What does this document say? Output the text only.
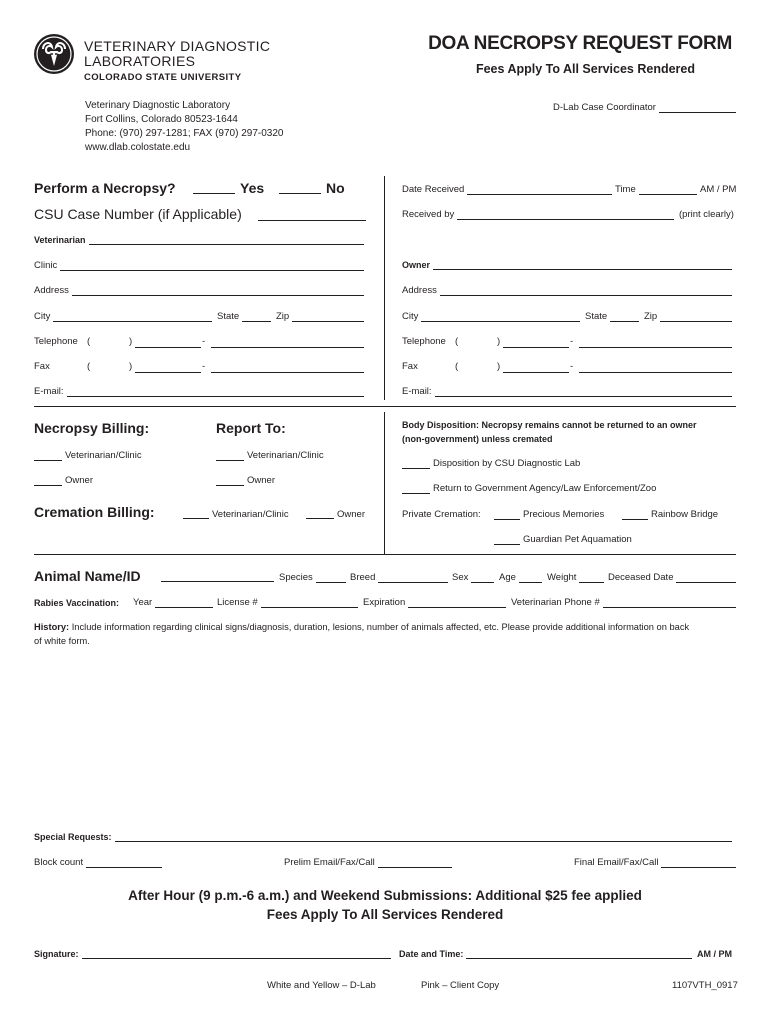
VETERINARY DIAGNOSTIC
LABORATORIES
COLORADO STATE UNIVERSITY
DOA NECROPSY REQUEST FORM
Fees Apply To All Services Rendered
Veterinary Diagnostic Laboratory
Fort Collins, Colorado 80523-1644
Phone: (970) 297-1281; FAX (970) 297-0320
www.dlab.colostate.edu
D-Lab Case Coordinator
Perform a Necropsy?	Yes	No
CSU Case Number (if Applicable)
Date Received	Time	AM / PM
Received by	(print clearly)
Veterinarian
Clinic
Address
City	State	Zip
Telephone (	)	-
Fax	(	)	-
E-mail:
Owner
Address
City	State	Zip
Telephone (	)	-
Fax	(	)	-
E-mail:
Necropsy Billing:	Report To:
Veterinarian/Clinic	Veterinarian/Clinic
Owner	Owner
Cremation Billing:	Veterinarian/Clinic	Owner
Body Disposition: Necropsy remains cannot be returned to an owner
(non-government) unless cremated
Disposition by CSU Diagnostic Lab
Return to Government Agency/Law Enforcement/Zoo
Private Cremation:	Precious Memories	Rainbow Bridge
Guardian Pet Aquamation
Animal Name/ID	Species	Breed	Sex	Age	Weight	Deceased Date
Rabies Vaccination: Year	License #	Expiration	Veterinarian Phone #
History: Include information regarding clinical signs/diagnosis, duration, lesions, number of animals affected, etc. Please provide additional information on back
of white form.
Special Requests:
Block count	Prelim Email/Fax/Call	Final Email/Fax/Call
After Hour (9 p.m.-6 a.m.) and Weekend Submissions: Additional $25 fee applied
Fees Apply To All Services Rendered
Signature:	Date and Time:	AM / PM
White and Yellow – D-Lab	Pink – Client Copy	1107VTH_0917
